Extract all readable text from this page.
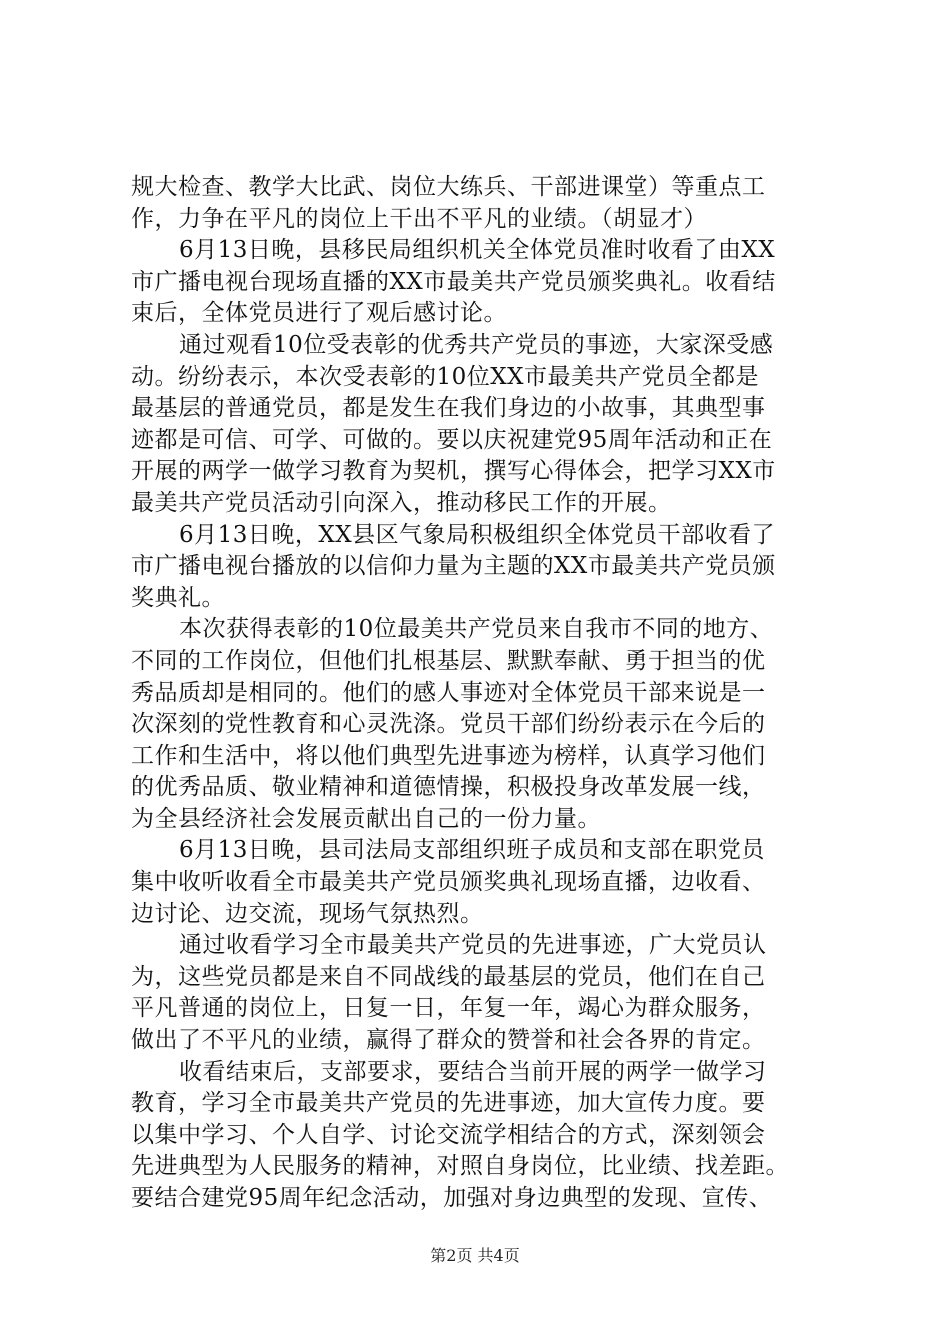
规大检查、教学大比武、岗位大练兵、干部进课堂）等重点工
作，力争在平凡的岗位上干出不平凡的业绩。（胡显才）
6月13日晚，县移民局组织机关全体党员准时收看了由XX
市广播电视台现场直播的XX市最美共产党员颁奖典礼。收看结
束后，全体党员进行了观后感讨论。
通过观看10位受表彰的优秀共产党员的事迹，大家深受感
动。纷纷表示，本次受表彰的10位XX市最美共产党员全都是
最基层的普通党员，都是发生在我们身边的小故事，其典型事
迹都是可信、可学、可做的。要以庆祝建党95周年活动和正在
开展的两学一做学习教育为契机，撰写心得体会，把学习XX市
最美共产党员活动引向深入，推动移民工作的开展。
6月13日晚，XX县区气象局积极组织全体党员干部收看了
市广播电视台播放的以信仰力量为主题的XX市最美共产党员颁
奖典礼。
本次获得表彰的10位最美共产党员来自我市不同的地方、
不同的工作岗位，但他们扎根基层、默默奉献、勇于担当的优
秀品质却是相同的。他们的感人事迹对全体党员干部来说是一
次深刻的党性教育和心灵洗涤。党员干部们纷纷表示在今后的
工作和生活中，将以他们典型先进事迹为榜样，认真学习他们
的优秀品质、敬业精神和道德情操，积极投身改革发展一线，
为全县经济社会发展贡献出自己的一份力量。
6月13日晚，县司法局支部组织班子成员和支部在职党员
集中收听收看全市最美共产党员颁奖典礼现场直播，边收看、
边讨论、边交流，现场气氛热烈。
通过收看学习全市最美共产党员的先进事迹，广大党员认
为，这些党员都是来自不同战线的最基层的党员，他们在自己
平凡普通的岗位上，日复一日，年复一年，竭心为群众服务，
做出了不平凡的业绩，赢得了群众的赞誉和社会各界的肯定。
收看结束后，支部要求，要结合当前开展的两学一做学习
教育，学习全市最美共产党员的先进事迹，加大宣传力度。要
以集中学习、个人自学、讨论交流学相结合的方式，深刻领会
先进典型为人民服务的精神，对照自身岗位，比业绩、找差距。
要结合建党95周年纪念活动，加强对身边典型的发现、宣传、
第2页 共4页
